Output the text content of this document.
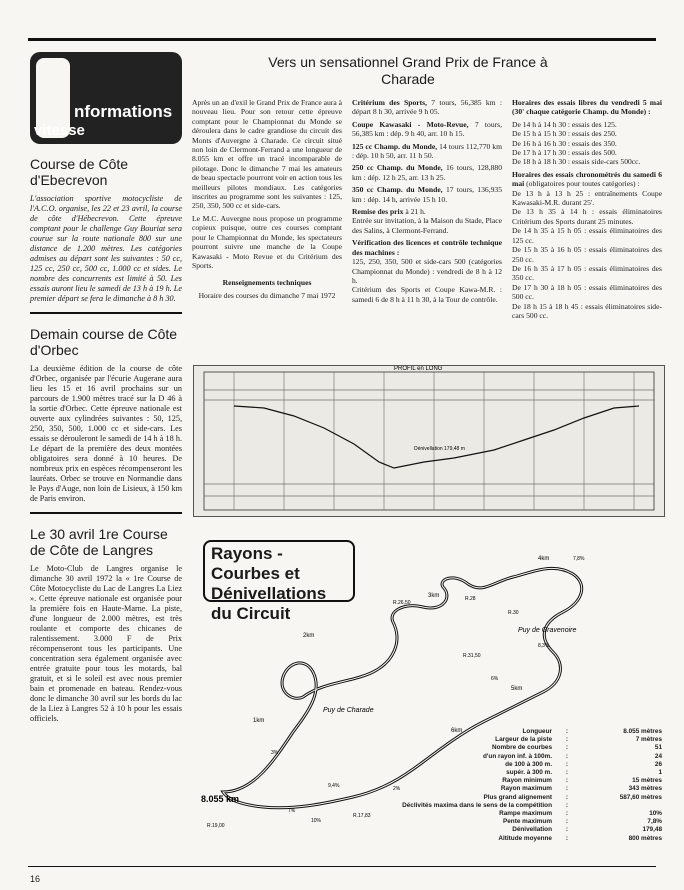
nformations
vitesse
Course de Côte d'Ebecrevon

L'association sportive motocycliste de l'A.C.O. organise, les 22 et 23 avril, la course de côte d'Hébecrevon. Cette épreuve comptant pour le challenge Guy Bouriat sera courue sur la route nationale 800 sur une distance de 1.200 mètres. Les catégories admises au départ sont les suivantes : 50 cc, 125 cc, 250 cc, 500 cc, 1.000 cc et sides. Le nombre des concurrents est limité à 50. Les essais auront lieu le samedi de 13 h à 19 h. Le premier départ se fera le dimanche à 8 h 30.

Demain course de Côte d'Orbec

La deuxième édition de la course de côte d'Orbec, organisée par l'écurie Augerane aura lieu les 15 et 16 avril prochains sur un parcours de 1.900 mètres tracé sur la D 46 à la sortie d'Orbec. Cette épreuve nationale est ouverte aux cylindrées suivantes : 50, 125, 250, 350, 500, 1.000 cc et side-cars. Les essais se dérouleront le samedi de 14 h à 18 h. Le départ de la première des deux montées obligatoires sera donné à 10 heures. De nombreux prix en espèces récompenseront les lauréats. Orbec se trouve en Normandie dans le Pays d'Auge, non loin de Lisieux, à 150 km de Paris environ.

Le 30 avril 1re Course de Côte de Langres

Le Moto-Club de Langres organise le dimanche 30 avril 1972 la « 1re Course de Côte Motocycliste du Lac de Langres La Liez ». Cette épreuve nationale est organisée pour la première fois en Haute-Marne. La piste, d'une longueur de 2.000 mètres, est très roulante et comporte des chicanes de ralentissement. 3.000 F de Prix récompenseront tous les participants. Une concentration sera également organisée avec entrée gratuite pour tous les motards, bal gratuit, et si le soleil est avec nous premier bain et promenade en bateau. Rendez-vous donc le dimanche 30 avril sur les bords du lac de la Liez à Langres 52 à 10 h pour les essais officiels.

Vers un sensationnel Grand Prix de France à Charade

Après un an d'exil le Grand Prix de France aura à nouveau lieu. Pour son retour cette épreuve comptant pour le Championnat du Monde se déroulera dans le cadre grandiose du circuit des Monts d'Auvergne à Charade. Ce circuit situé non loin de Clermont-Ferrand a une longueur de 8.055 km et offre un tracé incomparable de pilotage. Donc le dimanche 7 mai les amateurs de beau spectacle pourront voir en action tous les meilleurs pilotes mondiaux. Les catégories inscrites au programme sont les suivantes : 125, 250, 350, 500 cc et side-cars.

Le M.C. Auvergne nous propose un programme copieux puisque, outre ces courses comptant pour le Championnat du Monde, les spectateurs pourront suivre une manche de la Coupe Kawasaki - Moto Revue et du Critérium des Sports.

Renseignements techniques

Horaire des courses du dimanche 7 mai 1972

Critérium des Sports, 7 tours, 56,385 km : départ 8 h 30, arrivée 9 h 05.

Coupe Kawasaki - Moto-Revue, 7 tours, 56,385 km : dép. 9 h 40, arr. 10 h 15.

125 cc Champ. du Monde, 14 tours 112,770 km : dép. 10 h 50, arr. 11 h 50.

250 cc Champ. du Monde, 16 tours, 128,880 km : dép. 12 h 25, arr. 13 h 25.

350 cc Champ. du Monde, 17 tours, 136,935 km : dép. 14 h, arrivée 15 h 10.

Remise des prix à 21 h.

Entrée sur invitation, à la Maison du Stade, Place des Salins, à Clermont-Ferrand.

Vérification des licences et contrôle technique des machines :

125, 250, 350, 500 et side-cars 500 (catégories Championnat du Monde) : vendredi de 8 h à 12 h.

Critérium des Sports et Coupe Kawa-M.R. : samedi 6 de 8 h à 11 h 30, à la Tour de contrôle.

Horaires des essais libres du vendredi 5 mai (30' chaque catégorie Champ. du Monde) :

De 14 h à 14 h 30 : essais des 125.

De 15 h à 15 h 30 : essais des 250.

De 16 h à 16 h 30 : essais des 350.

De 17 h à 17 h 30 : essais des 500.

De 18 h à 18 h 30 : essais side-cars 500cc.

Horaires des essais chronométrés du samedi 6 mai (obligatoires pour toutes catégories) :

De 13 h à 13 h 25 : entraînements Coupe Kawasaki-M.R. durant 25'.

De 13 h 35 à 14 h : essais éliminatoires Critérium des Sports durant 25 minutes.

De 14 h 35 à 15 h 05 : essais éliminatoires des 125 cc.

De 15 h 35 à 16 h 05 : essais éliminatoires des 250 cc.

De 16 h 35 à 17 h 05 : essais éliminatoires des 350 cc.

De 17 h 30 à 18 h 05 : essais éliminatoires des 500 cc.

De 18 h 15 à 18 h 45 : essais éliminatoires side-cars 500 cc.

PROFIL en LONG
Dénivellation 179,48 m
1km
2km
3km
4km
5km
6km
R.26,50
R.28
R.30
R.31,50
R.17,83
R.19,00
7,8%
8,3%
10%
9,4%
6%
7%
3%
2%
Puy de Charade
Puy de Gravenoire
8.055 km
Rayons - Courbes et Dénivellations du Circuit
Longueur	:	8.055 mètres
Largeur de la piste	:	7 mètres
Nombre de courbes	:	51
d'un rayon inf. à 100m.	:	24
de 100 à 300 m.	:	26
supér. à 300 m.	:	1
Rayon minimum	:	15 mètres
Rayon maximum	:	343 mètres
Plus grand alignement	:	587,60 mètres
Déclivités maxima dans le sens de la compétition	:
Rampe maximum	:	10%
Pente maximum	:	7,8%
Dénivellation	:	179,48
Altitude moyenne	:	800 mètres
16
